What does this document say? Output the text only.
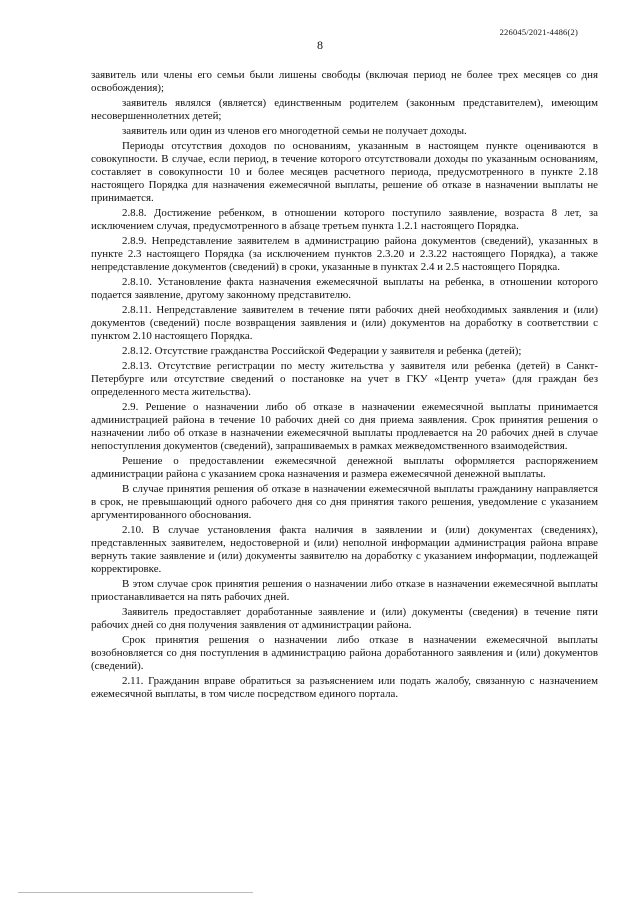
226045/2021-4486(2)
8

заявитель или члены его семьи были лишены свободы (включая период не более трех месяцев со дня освобождения);

заявитель являлся (является) единственным родителем (законным представителем), имеющим несовершеннолетних детей;

заявитель или один из членов его многодетной семьи не получает доходы.

Периоды отсутствия доходов по основаниям, указанным в настоящем пункте оцениваются в совокупности. В случае, если период, в течение которого отсутствовали доходы по указанным основаниям, составляет в совокупности 10 и более месяцев расчетного периода, предусмотренного в пункте 2.18 настоящего Порядка для назначения ежемесячной выплаты, решение об отказе в назначении выплаты не принимается.

2.8.8. Достижение ребенком, в отношении которого поступило заявление, возраста 8 лет, за исключением случая, предусмотренного в абзаце третьем пункта 1.2.1 настоящего Порядка.

2.8.9. Непредставление заявителем в администрацию района документов (сведений), указанных в пункте 2.3 настоящего Порядка (за исключением пунктов 2.3.20 и 2.3.22 настоящего Порядка), а также непредставление документов (сведений) в сроки, указанные в пунктах 2.4 и 2.5 настоящего Порядка.

2.8.10. Установление факта назначения ежемесячной выплаты на ребенка, в отношении которого подается заявление, другому законному представителю.

2.8.11. Непредставление заявителем в течение пяти рабочих дней необходимых заявления и (или) документов (сведений) после возвращения заявления и (или) документов на доработку в соответствии с пунктом 2.10 настоящего Порядка.

2.8.12. Отсутствие гражданства Российской Федерации у заявителя и ребенка (детей);

2.8.13. Отсутствие регистрации по месту жительства у заявителя или ребенка (детей) в Санкт-Петербурге или отсутствие сведений о постановке на учет в ГКУ «Центр учета» (для граждан без определенного места жительства).

2.9. Решение о назначении либо об отказе в назначении ежемесячной выплаты принимается администрацией района в течение 10 рабочих дней со дня приема заявления. Срок принятия решения о назначении либо об отказе в назначении ежемесячной выплаты продлевается на 20 рабочих дней в случае непоступления документов (сведений), запрашиваемых в рамках межведомственного взаимодействия.

Решение о предоставлении ежемесячной денежной выплаты оформляется распоряжением администрации района с указанием срока назначения и размера ежемесячной денежной выплаты.

В случае принятия решения об отказе в назначении ежемесячной выплаты гражданину направляется в срок, не превышающий одного рабочего дня со дня принятия такого решения, уведомление с указанием аргументированного обоснования.

2.10. В случае установления факта наличия в заявлении и (или) документах (сведениях), представленных заявителем, недостоверной и (или) неполной информации администрация района вправе вернуть такие заявление и (или) документы заявителю на доработку с указанием информации, подлежащей корректировке.

В этом случае срок принятия решения о назначении либо отказе в назначении ежемесячной выплаты приостанавливается на пять рабочих дней.

Заявитель предоставляет доработанные заявление и (или) документы (сведения) в течение пяти рабочих дней со дня получения заявления от администрации района.

Срок принятия решения о назначении либо отказе в назначении ежемесячной выплаты возобновляется со дня поступления в администрацию района доработанного заявления и (или) документов (сведений).

2.11. Гражданин вправе обратиться за разъяснением или подать жалобу, связанную с назначением ежемесячной выплаты, в том числе посредством единого портала.
